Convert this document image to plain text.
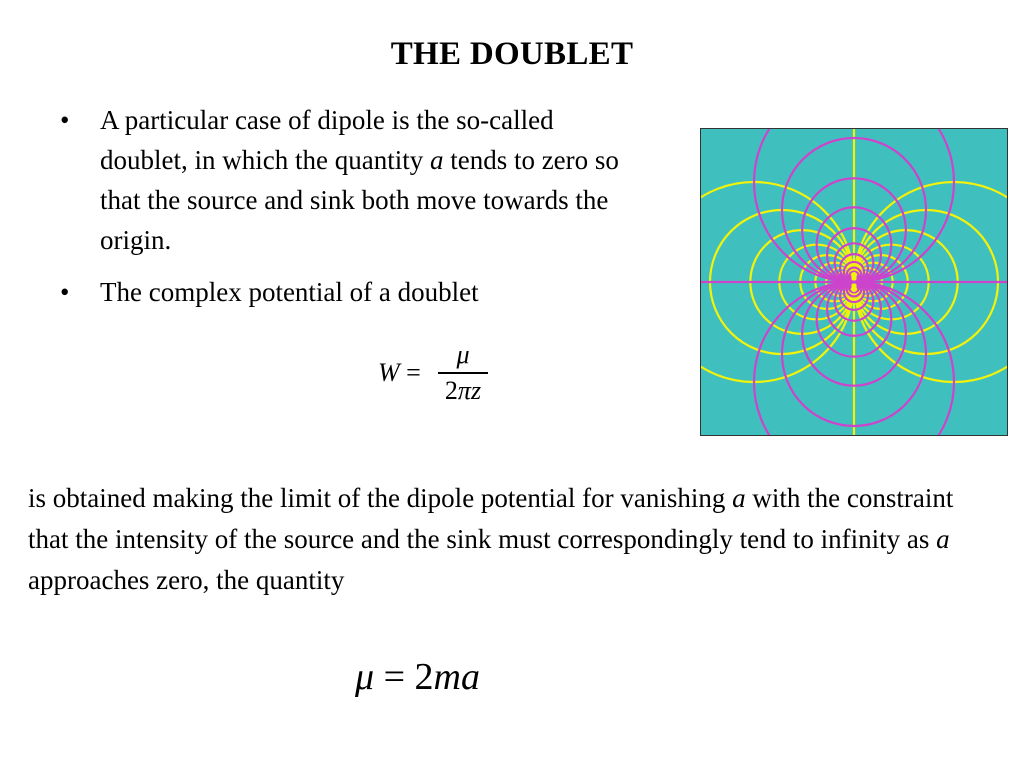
THE DOUBLET
• A particular case of dipole is the so-called doublet, in which the quantity a tends to zero so that the source and sink both move towards the origin.
• The complex potential of a doublet
W =
μ
2πz

is obtained making the limit of the dipole potential for vanishing a with the constraint that the intensity of the source and the sink must correspondingly tend to infinity as a approaches zero, the quantity

μ = 2ma
